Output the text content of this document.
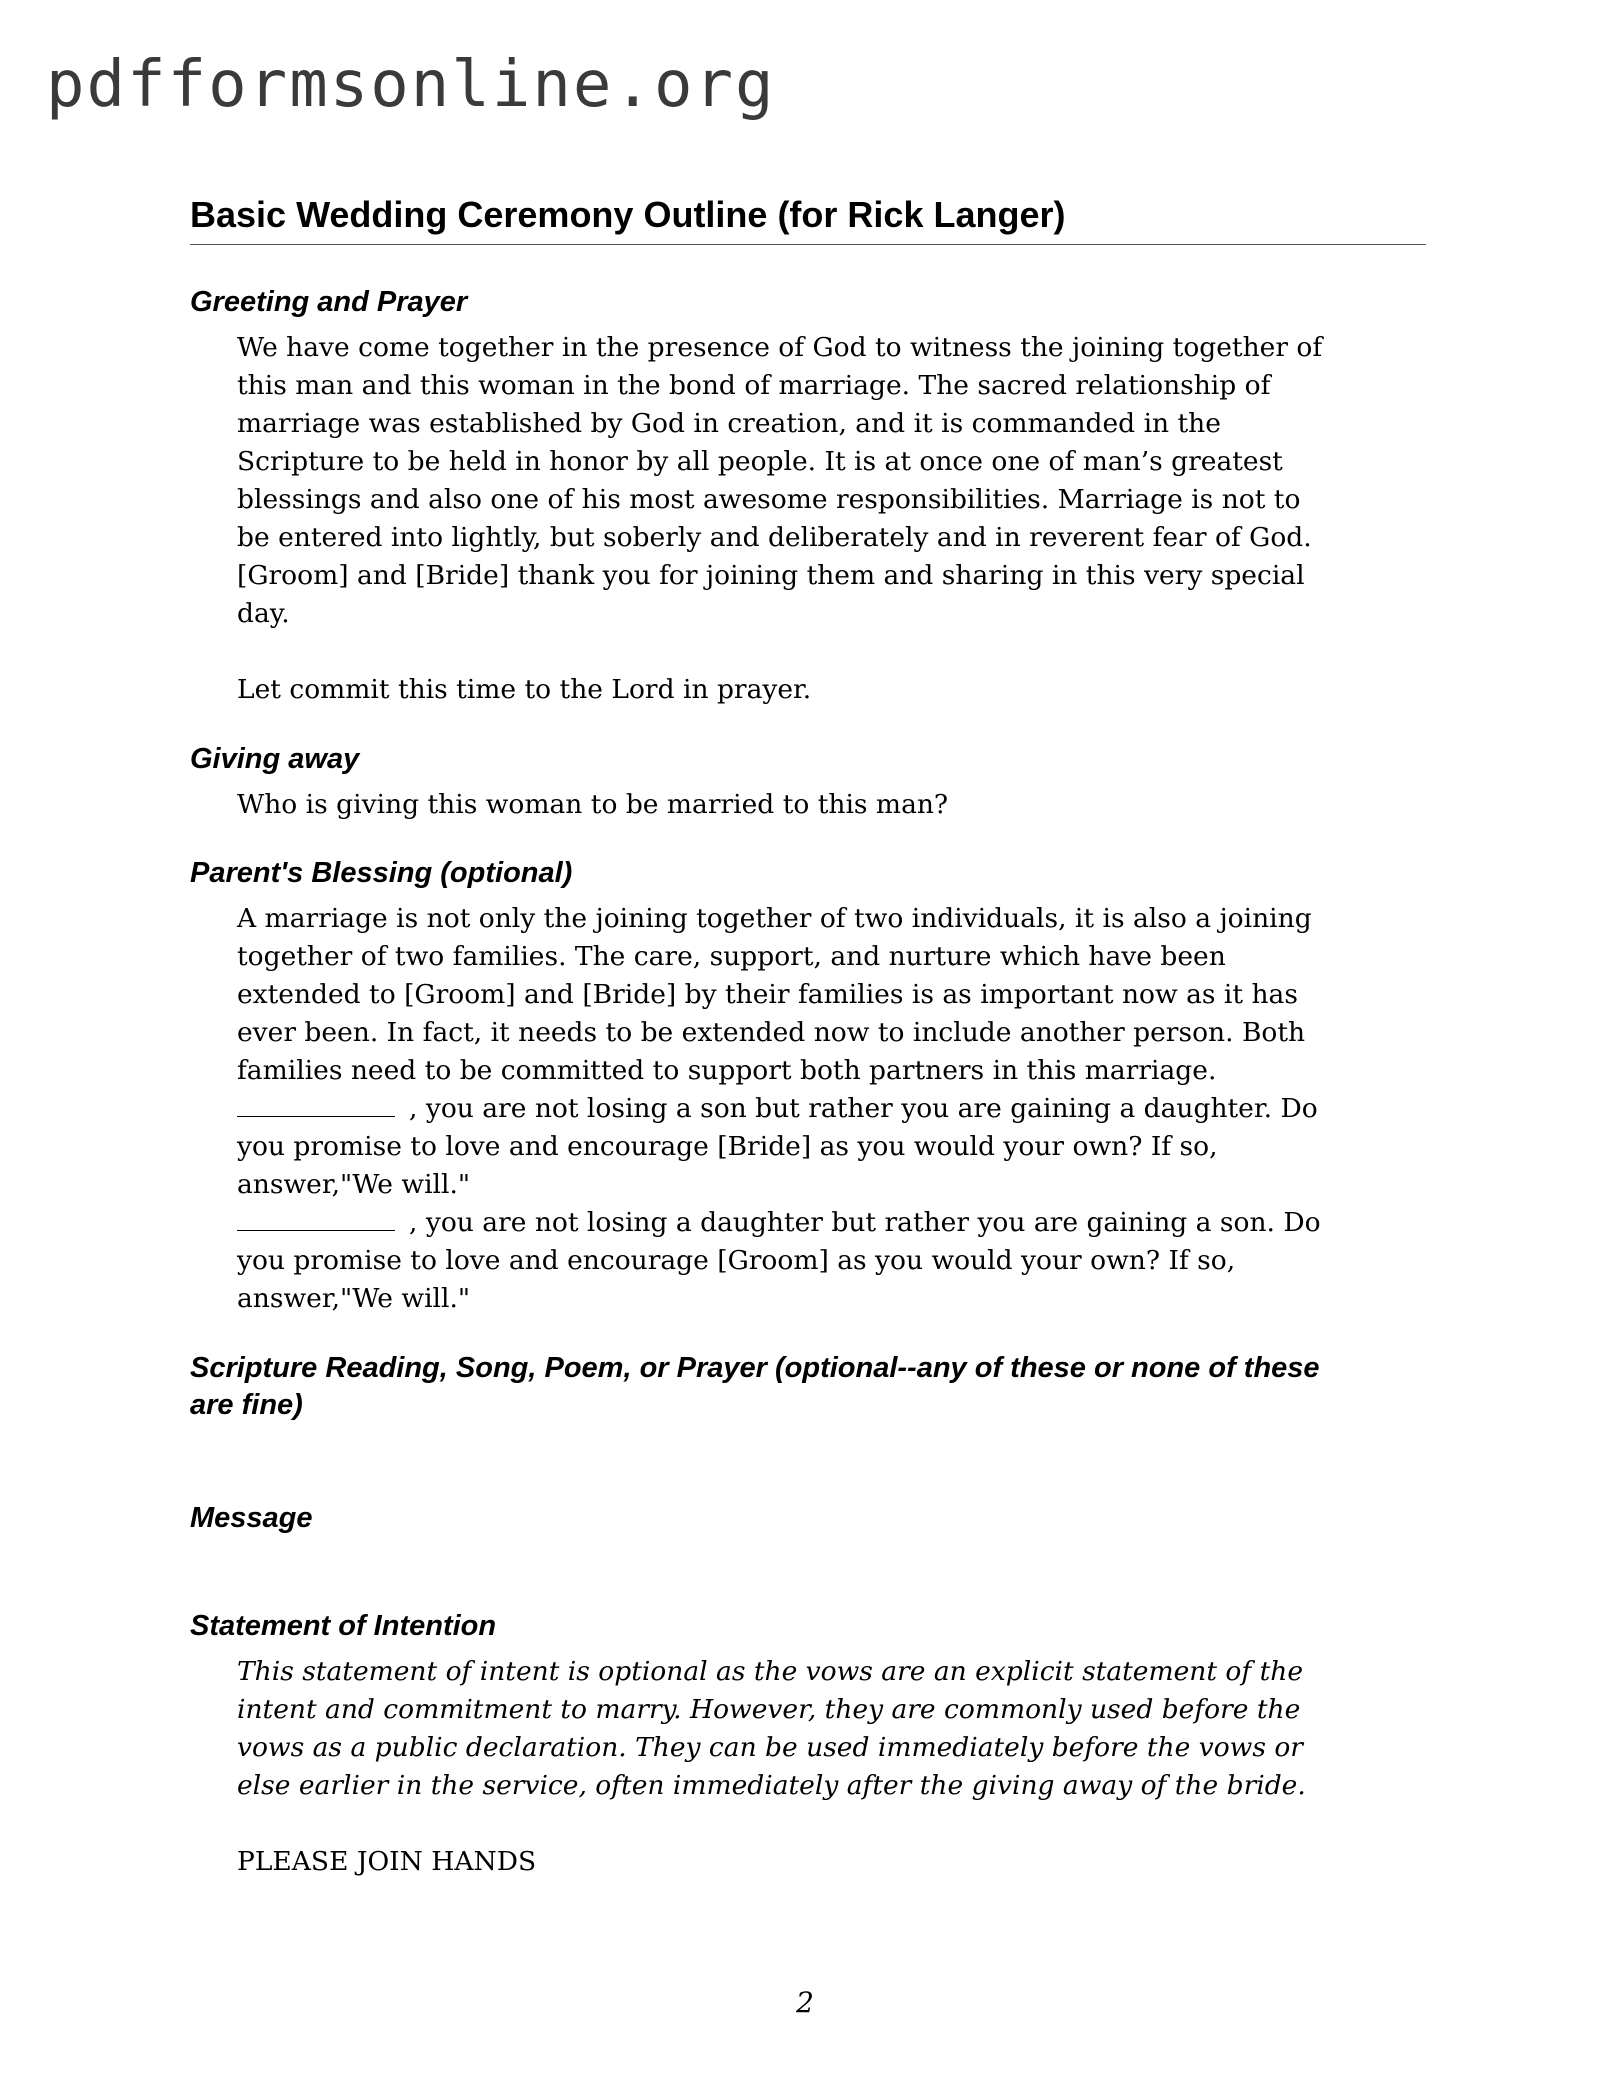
pdfformsonline.org
Basic Wedding Ceremony Outline (for Rick Langer)
Greeting and Prayer
We have come together in the presence of God to witness the joining together of
this man and this woman in the bond of marriage. The sacred relationship of
marriage was established by God in creation, and it is commanded in the
Scripture to be held in honor by all people. It is at once one of man’s greatest
blessings and also one of his most awesome responsibilities. Marriage is not to
be entered into lightly, but soberly and deliberately and in reverent fear of God.
[Groom] and [Bride] thank you for joining them and sharing in this very special
day.
Let commit this time to the Lord in prayer.
Giving away
Who is giving this woman to be married to this man?
Parent's Blessing (optional)
A marriage is not only the joining together of two individuals, it is also a joining
together of two families. The care, support, and nurture which have been
extended to [Groom] and [Bride] by their families is as important now as it has
ever been. In fact, it needs to be extended now to include another person. Both
families need to be committed to support both partners in this marriage.
, you are not losing a son but rather you are gaining a daughter. Do
you promise to love and encourage [Bride] as you would your own? If so,
answer,"We will."
, you are not losing a daughter but rather you are gaining a son. Do
you promise to love and encourage [Groom] as you would your own? If so,
answer,"We will."
Scripture Reading, Song, Poem, or Prayer (optional--any of these or none of these
are fine)
Message
Statement of Intention
This statement of intent is optional as the vows are an explicit statement of the
intent and commitment to marry. However, they are commonly used before the
vows as a public declaration. They can be used immediately before the vows or
else earlier in the service, often immediately after the giving away of the bride.
PLEASE JOIN HANDS
2
